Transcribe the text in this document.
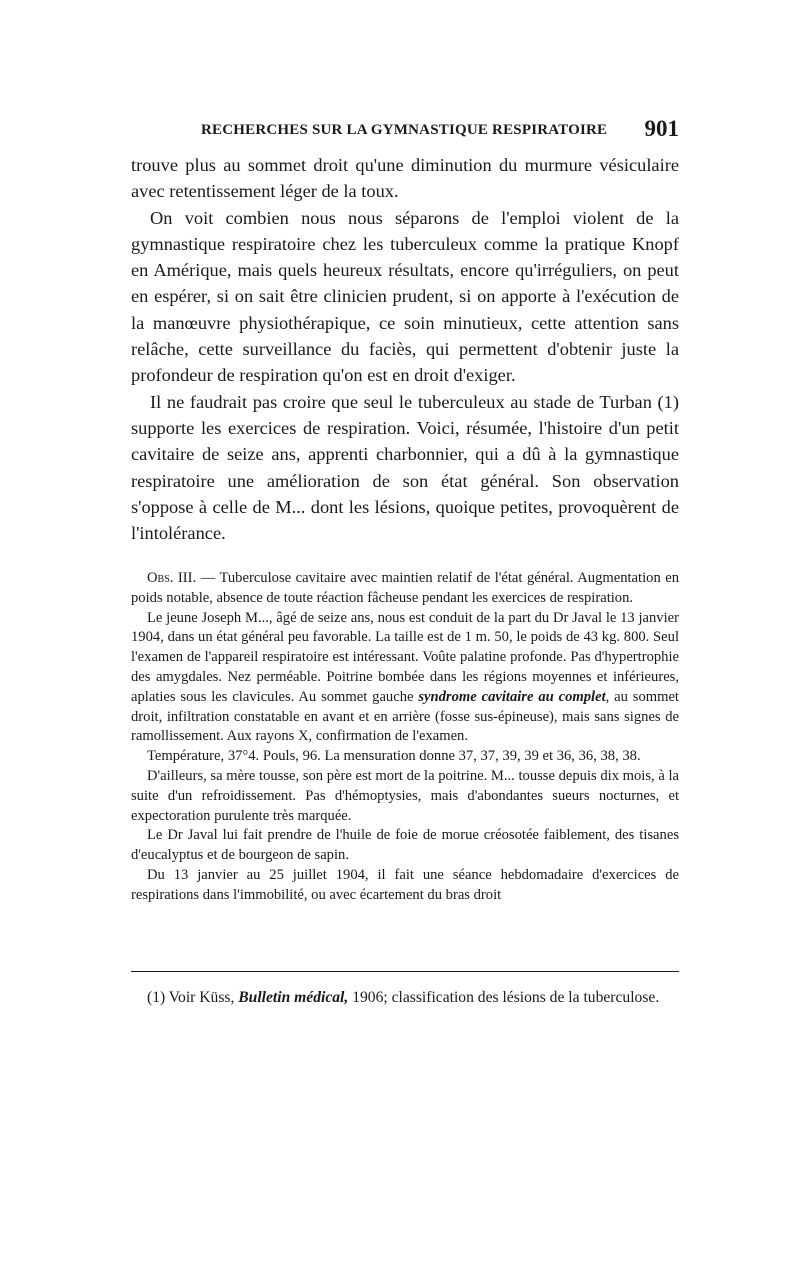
RECHERCHES SUR LA GYMNASTIQUE RESPIRATOIRE 901

trouve plus au sommet droit qu'une diminution du murmure vésiculaire avec retentissement léger de la toux.

On voit combien nous nous séparons de l'emploi violent de la gymnastique respiratoire chez les tuberculeux comme la pratique Knopf en Amérique, mais quels heureux résultats, encore qu'irréguliers, on peut en espérer, si on sait être clinicien prudent, si on apporte à l'exécution de la manœuvre physiothérapique, ce soin minutieux, cette attention sans relâche, cette surveillance du faciès, qui permettent d'obtenir juste la profondeur de respiration qu'on est en droit d'exiger.

Il ne faudrait pas croire que seul le tuberculeux au stade de Turban (1) supporte les exercices de respiration. Voici, résumée, l'histoire d'un petit cavitaire de seize ans, apprenti charbonnier, qui a dû à la gymnastique respiratoire une amélioration de son état général. Son observation s'oppose à celle de M... dont les lésions, quoique petites, provoquèrent de l'intolérance.

Obs. III. — Tuberculose cavitaire avec maintien relatif de l'état général. Augmentation en poids notable, absence de toute réaction fâcheuse pendant les exercices de respiration.

Le jeune Joseph M..., âgé de seize ans, nous est conduit de la part du Dr Javal le 13 janvier 1904, dans un état général peu favorable. La taille est de 1 m. 50, le poids de 43 kg. 800. Seul l'examen de l'appareil respiratoire est intéressant. Voûte palatine profonde. Pas d'hypertrophie des amygdales. Nez perméable. Poitrine bombée dans les régions moyennes et inférieures, aplaties sous les clavicules. Au sommet gauche syndrome cavitaire au complet, au sommet droit, infiltration constatable en avant et en arrière (fosse sus-épineuse), mais sans signes de ramollissement. Aux rayons X, confirmation de l'examen.

Température, 37°4. Pouls, 96. La mensuration donne 37, 37, 39, 39 et 36, 36, 38, 38.

D'ailleurs, sa mère tousse, son père est mort de la poitrine. M... tousse depuis dix mois, à la suite d'un refroidissement. Pas d'hémoptysies, mais d'abondantes sueurs nocturnes, et expectoration purulente très marquée.

Le Dr Javal lui fait prendre de l'huile de foie de morue créosotée faiblement, des tisanes d'eucalyptus et de bourgeon de sapin.

Du 13 janvier au 25 juillet 1904, il fait une séance hebdomadaire d'exercices de respirations dans l'immobilité, ou avec écartement du bras droit

(1) Voir Küss, Bulletin médical, 1906; classification des lésions de la tuberculose.
